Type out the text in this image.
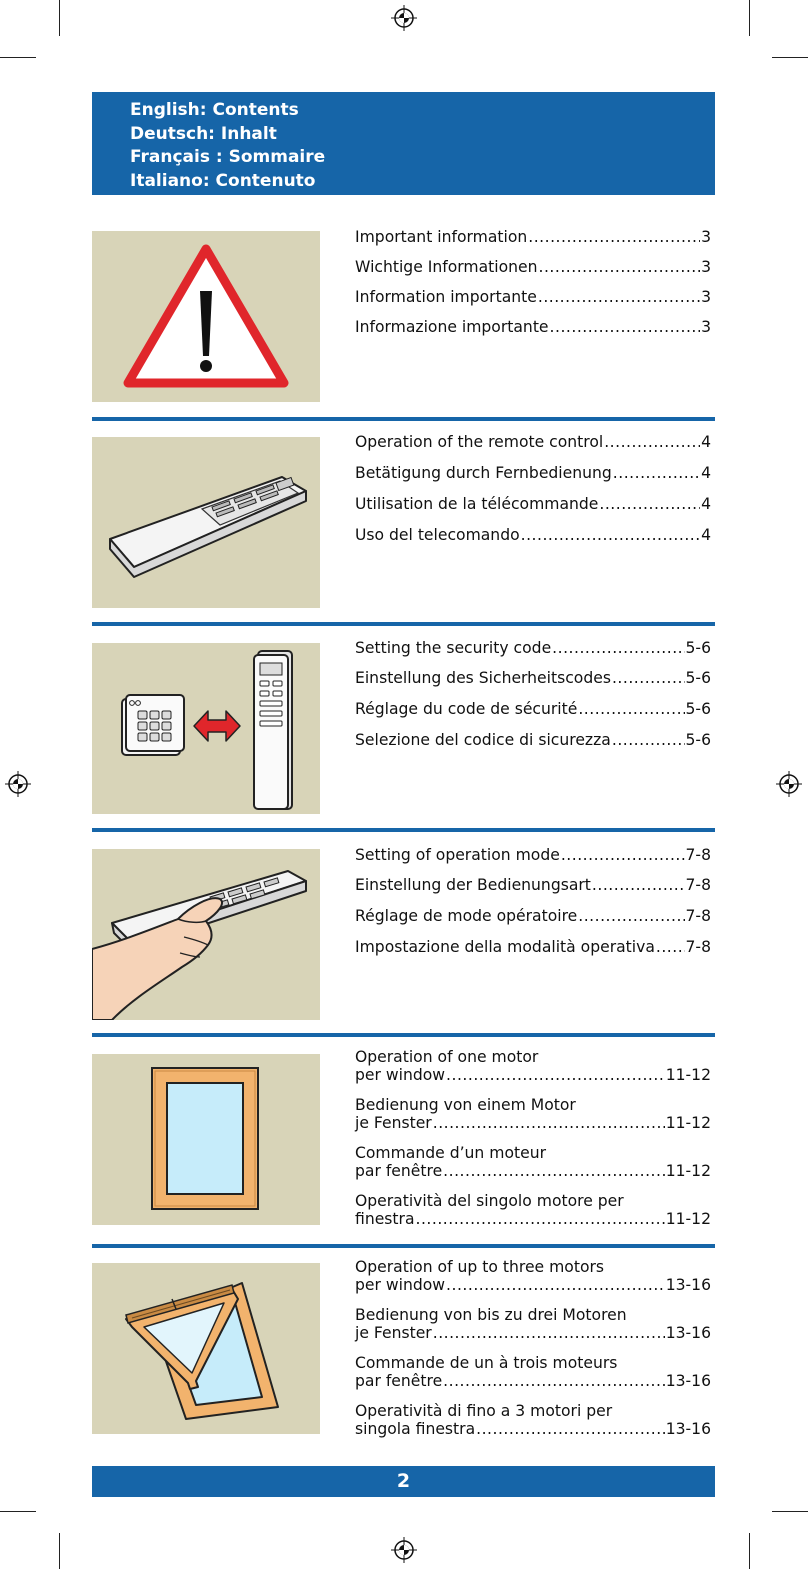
English: Contents
Deutsch: Inhalt
Français : Sommaire
Italiano: Contenuto
Important information .....	3
Wichtige Informationen .....	3
Information importante .....	3
Informazione importante .....	3
Operation of the remote control .....	4
Betätigung durch Fernbedienung .....	4
Utilisation de la télécommande .....	4
Uso del telecomando .....	4
Setting the security code .....	5-6
Einstellung des Sicherheitscodes .....	5-6
Réglage du code de sécurité .....	5-6
Selezione del codice di sicurezza .....	5-6
Setting of operation mode .....	7-8
Einstellung der Bedienungsart .....	7-8
Réglage de mode opératoire .....	7-8
Impostazione della modalità operativa ..... 7-8
Operation of one motor
per window .....	11-12
Bedienung von einem Motor
je Fenster .....	11-12
Commande d’un moteur
par fenêtre .....	11-12
Operatività del singolo motore per
finestra .....	11-12
Operation of up to three motors
per window .....	13-16
Bedienung von bis zu drei Motoren
je Fenster .....	13-16
Commande de un à trois moteurs
par fenêtre .....	13-16
Operatività di fino a 3 motori per
singola finestra .....	13-16
2
